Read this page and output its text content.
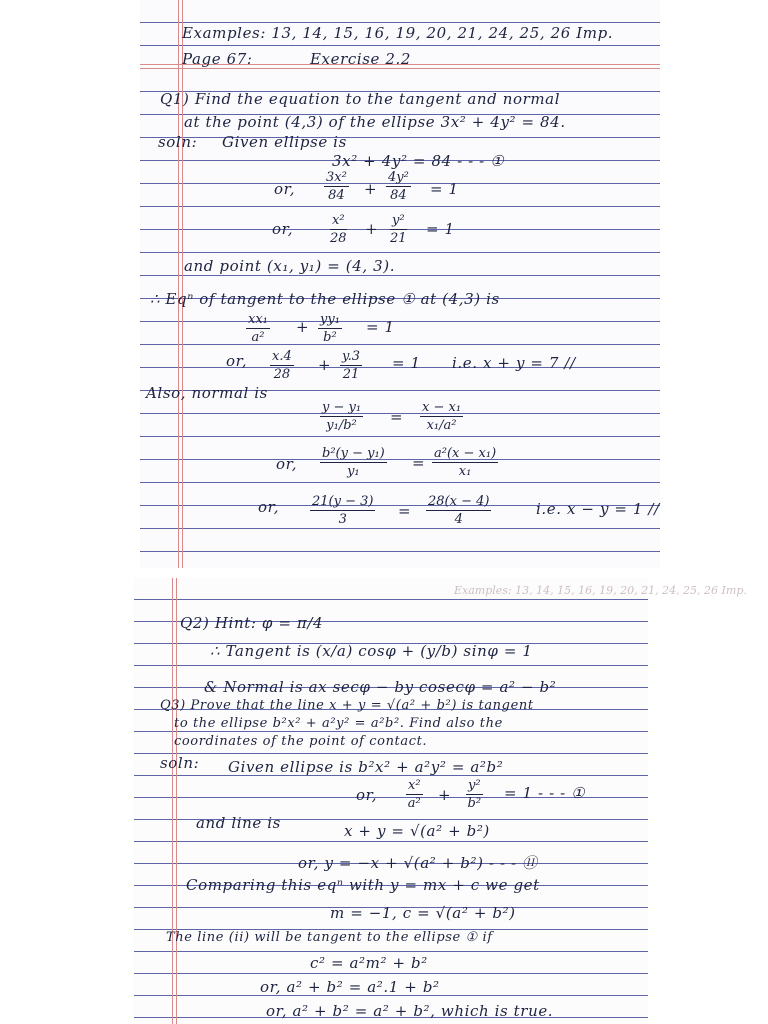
Examples: 13, 14, 15, 16, 19, 20, 21, 24, 25, 26 Imp.
Page 67:	Exercise 2.2
Q1) Find the equation to the tangent and normal
at the point (4,3) of the ellipse 3x² + 4y² = 84.
soln: Given ellipse is
3x² + 4y² = 84 - - - ①
or, $\frac{\text{3x²}}{84} + \frac{\text{4y²}}{84} = 1$
or,	$\frac{\text{x²}}{28} + \frac{\text{y²}}{21} = 1$
and point (x₁, y₁) = (4, 3).
∴ Eqⁿ of tangent to the ellipse ① at (4,3) is
$\frac{\text{xx₁}}{\text{a²}} + \frac{\text{yy₁}}{\text{b²}} = 1$
or, $\frac{x.4}{28} + \frac{y.3}{21} = 1$ i.e. x + y = 7 //
Also, normal is
$\frac{\text{y − y₁}}{\text{y₁/b²}} = \frac{\text{x − x₁}}{\text{x₁/a²}}$
or, $\frac{\text{b²(y − y₁)}}{\text{y₁}} = \frac{\text{a²(x − x₁)}}{\text{x₁}}$
or, $\frac{21(y - 3)}{3} = \frac{28(x - 4)}{4}$	i.e. x − y = 1 //
Examples: 13, 14, 15, 16, 19, 20, 21, 24, 25, 26 Imp.
Q2) Hint: φ = π/4
∴ Tangent is (x/a) cosφ + (y/b) sinφ = 1
& Normal is ax secφ − by cosecφ = a² − b²
Q3) Prove that the line x + y = √(a² + b²) is tangent
to the ellipse b²x² + a²y² = a²b². Find also the
coordinates of the point of contact.
soln: Given ellipse is b²x² + a²y² = a²b²
or, $\frac{\text{x²}}{\text{a²}} + \frac{\text{y²}}{\text{b²}} = 1$ - - - ①
and line is	x + y = √(a² + b²)
or, y = −x + √(a² + b²) - - - ⑪
Comparing this eqⁿ with y = mx + c we get
m = −1, c = √(a² + b²)
The line (ii) will be tangent to the ellipse ① if
c² = a²m² + b²
or, a² + b² = a².1 + b²
or, a² + b² = a² + b², which is true.
